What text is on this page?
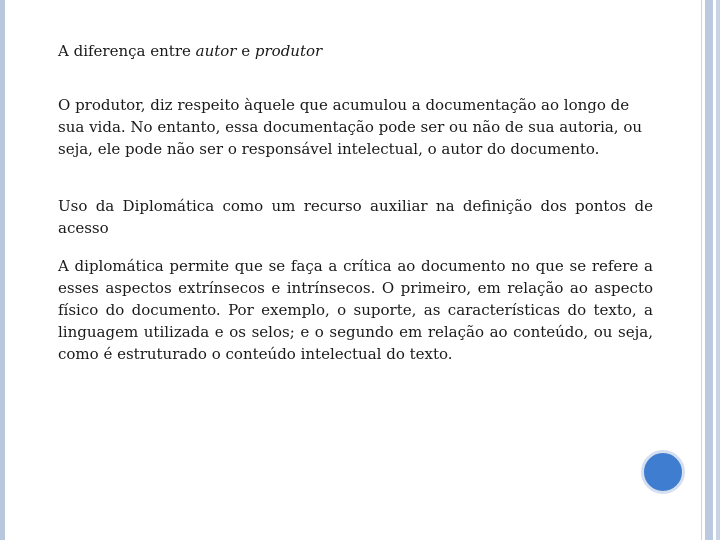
A diferença entre autor e produtor

O produtor, diz respeito àquele que acumulou a documentação ao longo de sua vida. No entanto, essa documentação pode ser ou não de sua autoria, ou seja, ele pode não ser o responsável intelectual, o autor do documento.

Uso da Diplomática como um recurso auxiliar na definição dos pontos de acesso

A diplomática permite que se faça a crítica ao documento no que se refere a esses aspectos extrínsecos e intrínsecos. O primeiro, em relação ao aspecto físico do documento. Por exemplo, o suporte, as características do texto, a linguagem utilizada e os selos; e o segundo em relação ao conteúdo, ou seja, como é estruturado o conteúdo intelectual do texto.
